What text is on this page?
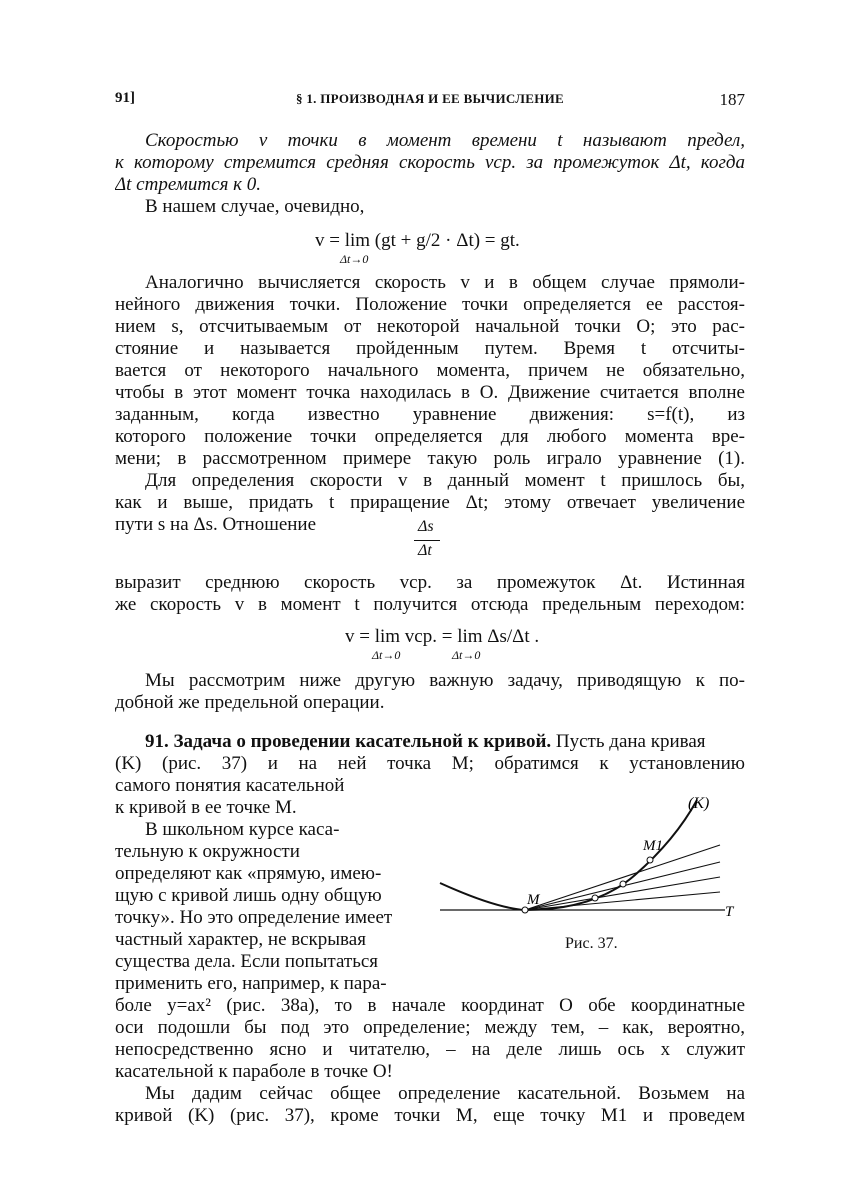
91]	§ 1. ПРОИЗВОДНАЯ И ЕЕ ВЫЧИСЛЕНИЕ	187
Скоростью v точки в момент времени t называют предел,
к которому стремится средняя скорость vср. за промежуток Δt, когда
Δt стремится к 0.
В нашем случае, очевидно,
v = lim (gt + g/2 · Δt) = gt.
Δt→0
Аналогично вычисляется скорость v и в общем случае прямоли-
нейного движения точки. Положение точки определяется ее расстоя-
нием s, отсчитываемым от некоторой начальной точки O; это рас-
стояние и называется пройденным путем. Время t отсчиты-
вается от некоторого начального момента, причем не обязательно,
чтобы в этот момент точка находилась в O. Движение считается вполне
заданным, когда известно уравнение движения: s=f(t), из
которого положение точки определяется для любого момента вре-
мени; в рассмотренном примере такую роль играло уравнение (1).
Для определения скорости v в данный момент t пришлось бы,
как и выше, придать t приращение Δt; этому отвечает увеличение
пути s на Δs. Отношение	Δs
Δt
выразит среднюю скорость vср. за промежуток Δt. Истинная
же скорость v в момент t получится отсюда предельным переходом:
v = lim vср. = lim Δs/Δt .
Δt→0	Δt→0
Мы рассмотрим ниже другую важную задачу, приводящую к по-
добной же предельной операции.
91. Задача о проведении касательной к кривой. Пусть дана кривая
(K) (рис. 37) и на ней точка M; обратимся к установлению
самого понятия касательной
к кривой в ее точке M.
В школьном курсе каса-
тельную к окружности
определяют как «прямую, имею-
щую с кривой лишь одну общую
точку». Но это определение имеет
частный характер, не вскрывая
существа дела. Если попытаться
применить его, например, к пара-
боле y=ax² (рис. 38а), то в начале координат O обе координатные
оси подошли бы под это определение; между тем, – как, вероятно,
непосредственно ясно и читателю, – на деле лишь ось x служит
касательной к параболе в точке O!
Мы дадим сейчас общее определение касательной. Возьмем на
кривой (K) (рис. 37), кроме точки M, еще точку M1 и проведем
(K)
M
M1
T
Рис. 37.
